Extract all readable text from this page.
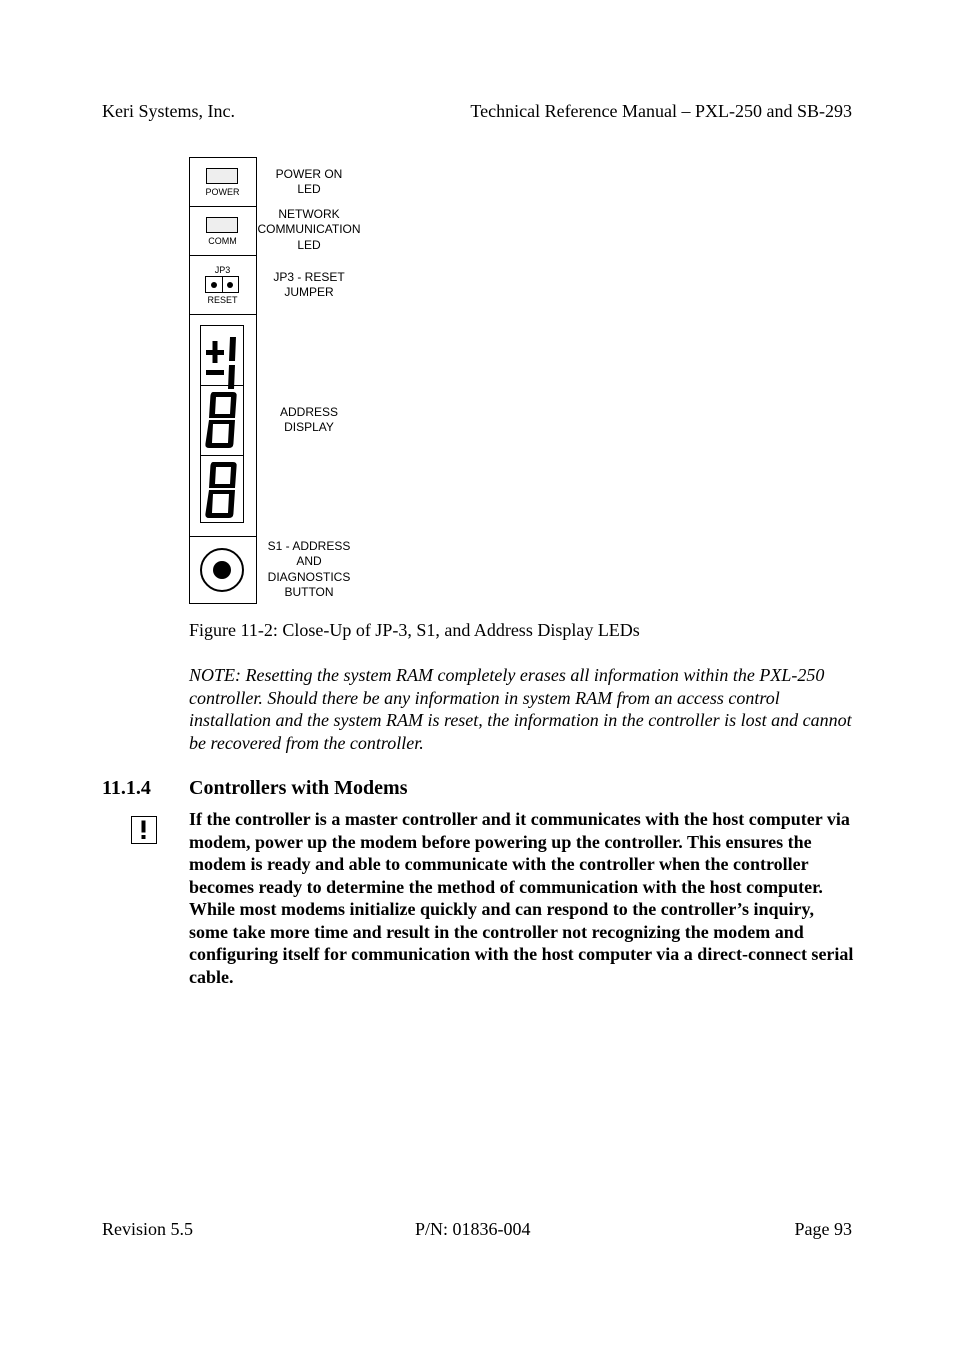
Keri Systems, Inc.	Technical Reference Manual – PXL-250 and SB-293
POWER
COMM
JP3
RESET
POWER ON
LED
NETWORK
COMMUNICATION
LED
JP3 - RESET
JUMPER
ADDRESS
DISPLAY
S1 - ADDRESS
AND
DIAGNOSTICS
BUTTON
Figure 11-2: Close-Up of JP-3, S1, and Address Display LEDs
NOTE: Resetting the system RAM completely erases all information within the PXL-250 controller. Should there be any information in system RAM from an access control installation and the system RAM is reset, the information in the controller is lost and cannot be recovered from the controller.
11.1.4 Controllers with Modems
If the controller is a master controller and it communicates with the host computer via modem, power up the modem before powering up the controller. This ensures the modem is ready and able to communicate with the controller when the controller becomes ready to determine the method of communication with the host computer. While most modems initialize quickly and can respond to the controller’s inquiry, some take more time and result in the controller not recognizing the modem and configuring itself for communication with the host computer via a direct-connect serial cable.
Revision 5.5	P/N: 01836-004	Page 93
